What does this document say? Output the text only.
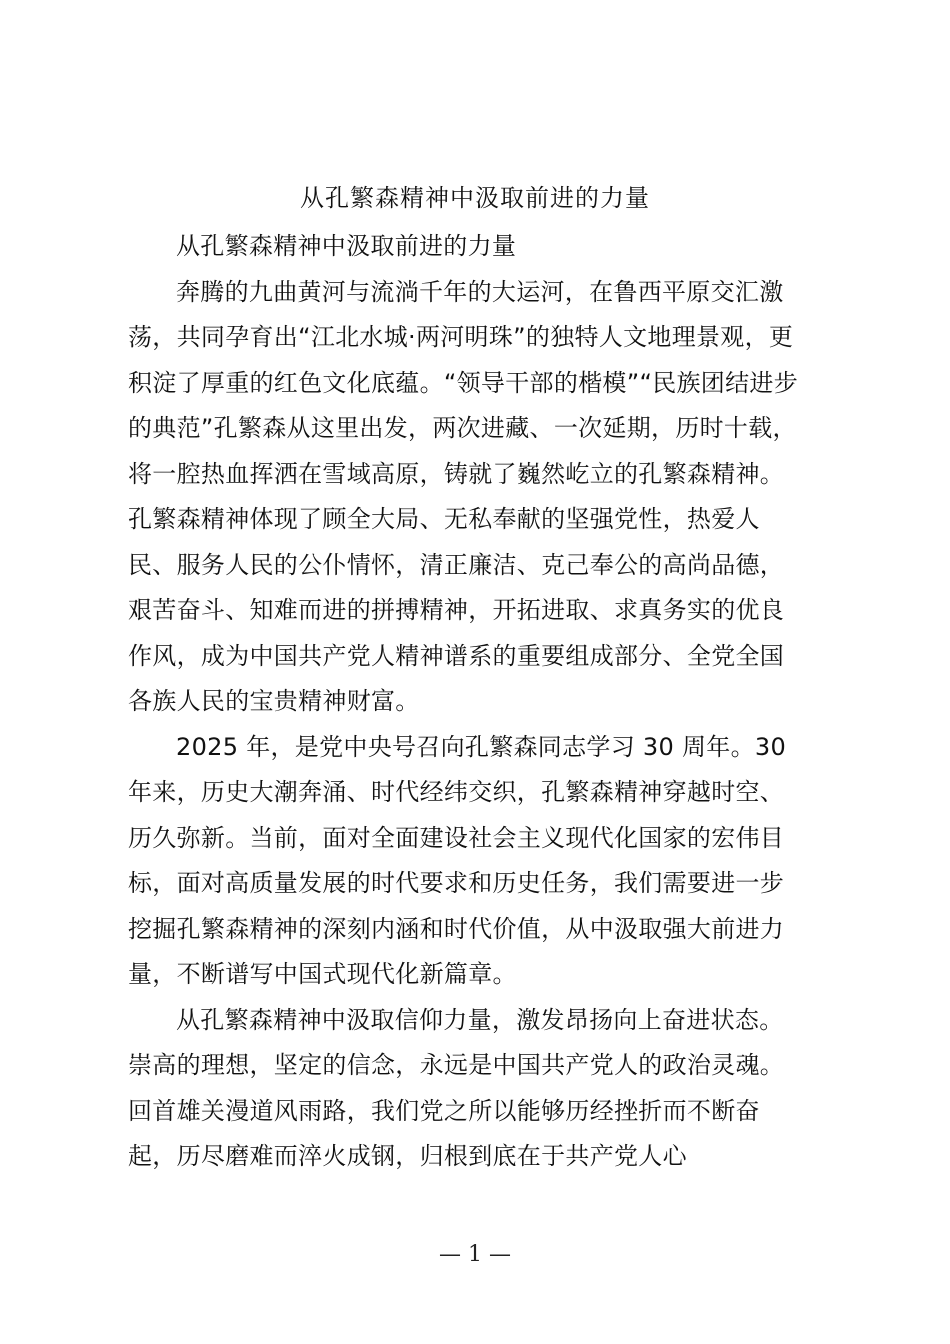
从孔繁森精神中汲取前进的力量

从孔繁森精神中汲取前进的力量

奔腾的九曲黄河与流淌千年的大运河，在鲁西平原交汇激
荡，共同孕育出“江北水城·两河明珠”的独特人文地理景观，更
积淀了厚重的红色文化底蕴。“领导干部的楷模”“民族团结进步
的典范”孔繁森从这里出发，两次进藏、一次延期，历时十载，
将一腔热血挥洒在雪域高原，铸就了巍然屹立的孔繁森精神。
孔繁森精神体现了顾全大局、无私奉献的坚强党性，热爱人
民、服务人民的公仆情怀，清正廉洁、克己奉公的高尚品德，
艰苦奋斗、知难而进的拼搏精神，开拓进取、求真务实的优良
作风，成为中国共产党人精神谱系的重要组成部分、全党全国
各族人民的宝贵精神财富。

2025 年，是党中央号召向孔繁森同志学习 30 周年。30
年来，历史大潮奔涌、时代经纬交织，孔繁森精神穿越时空、
历久弥新。当前，面对全面建设社会主义现代化国家的宏伟目
标，面对高质量发展的时代要求和历史任务，我们需要进一步
挖掘孔繁森精神的深刻内涵和时代价值，从中汲取强大前进力
量，不断谱写中国式现代化新篇章。

从孔繁森精神中汲取信仰力量，激发昂扬向上奋进状态。
崇高的理想，坚定的信念，永远是中国共产党人的政治灵魂。
回首雄关漫道风雨路，我们党之所以能够历经挫折而不断奋
起，历尽磨难而淬火成钢，归根到底在于共产党人心

— 1 —
